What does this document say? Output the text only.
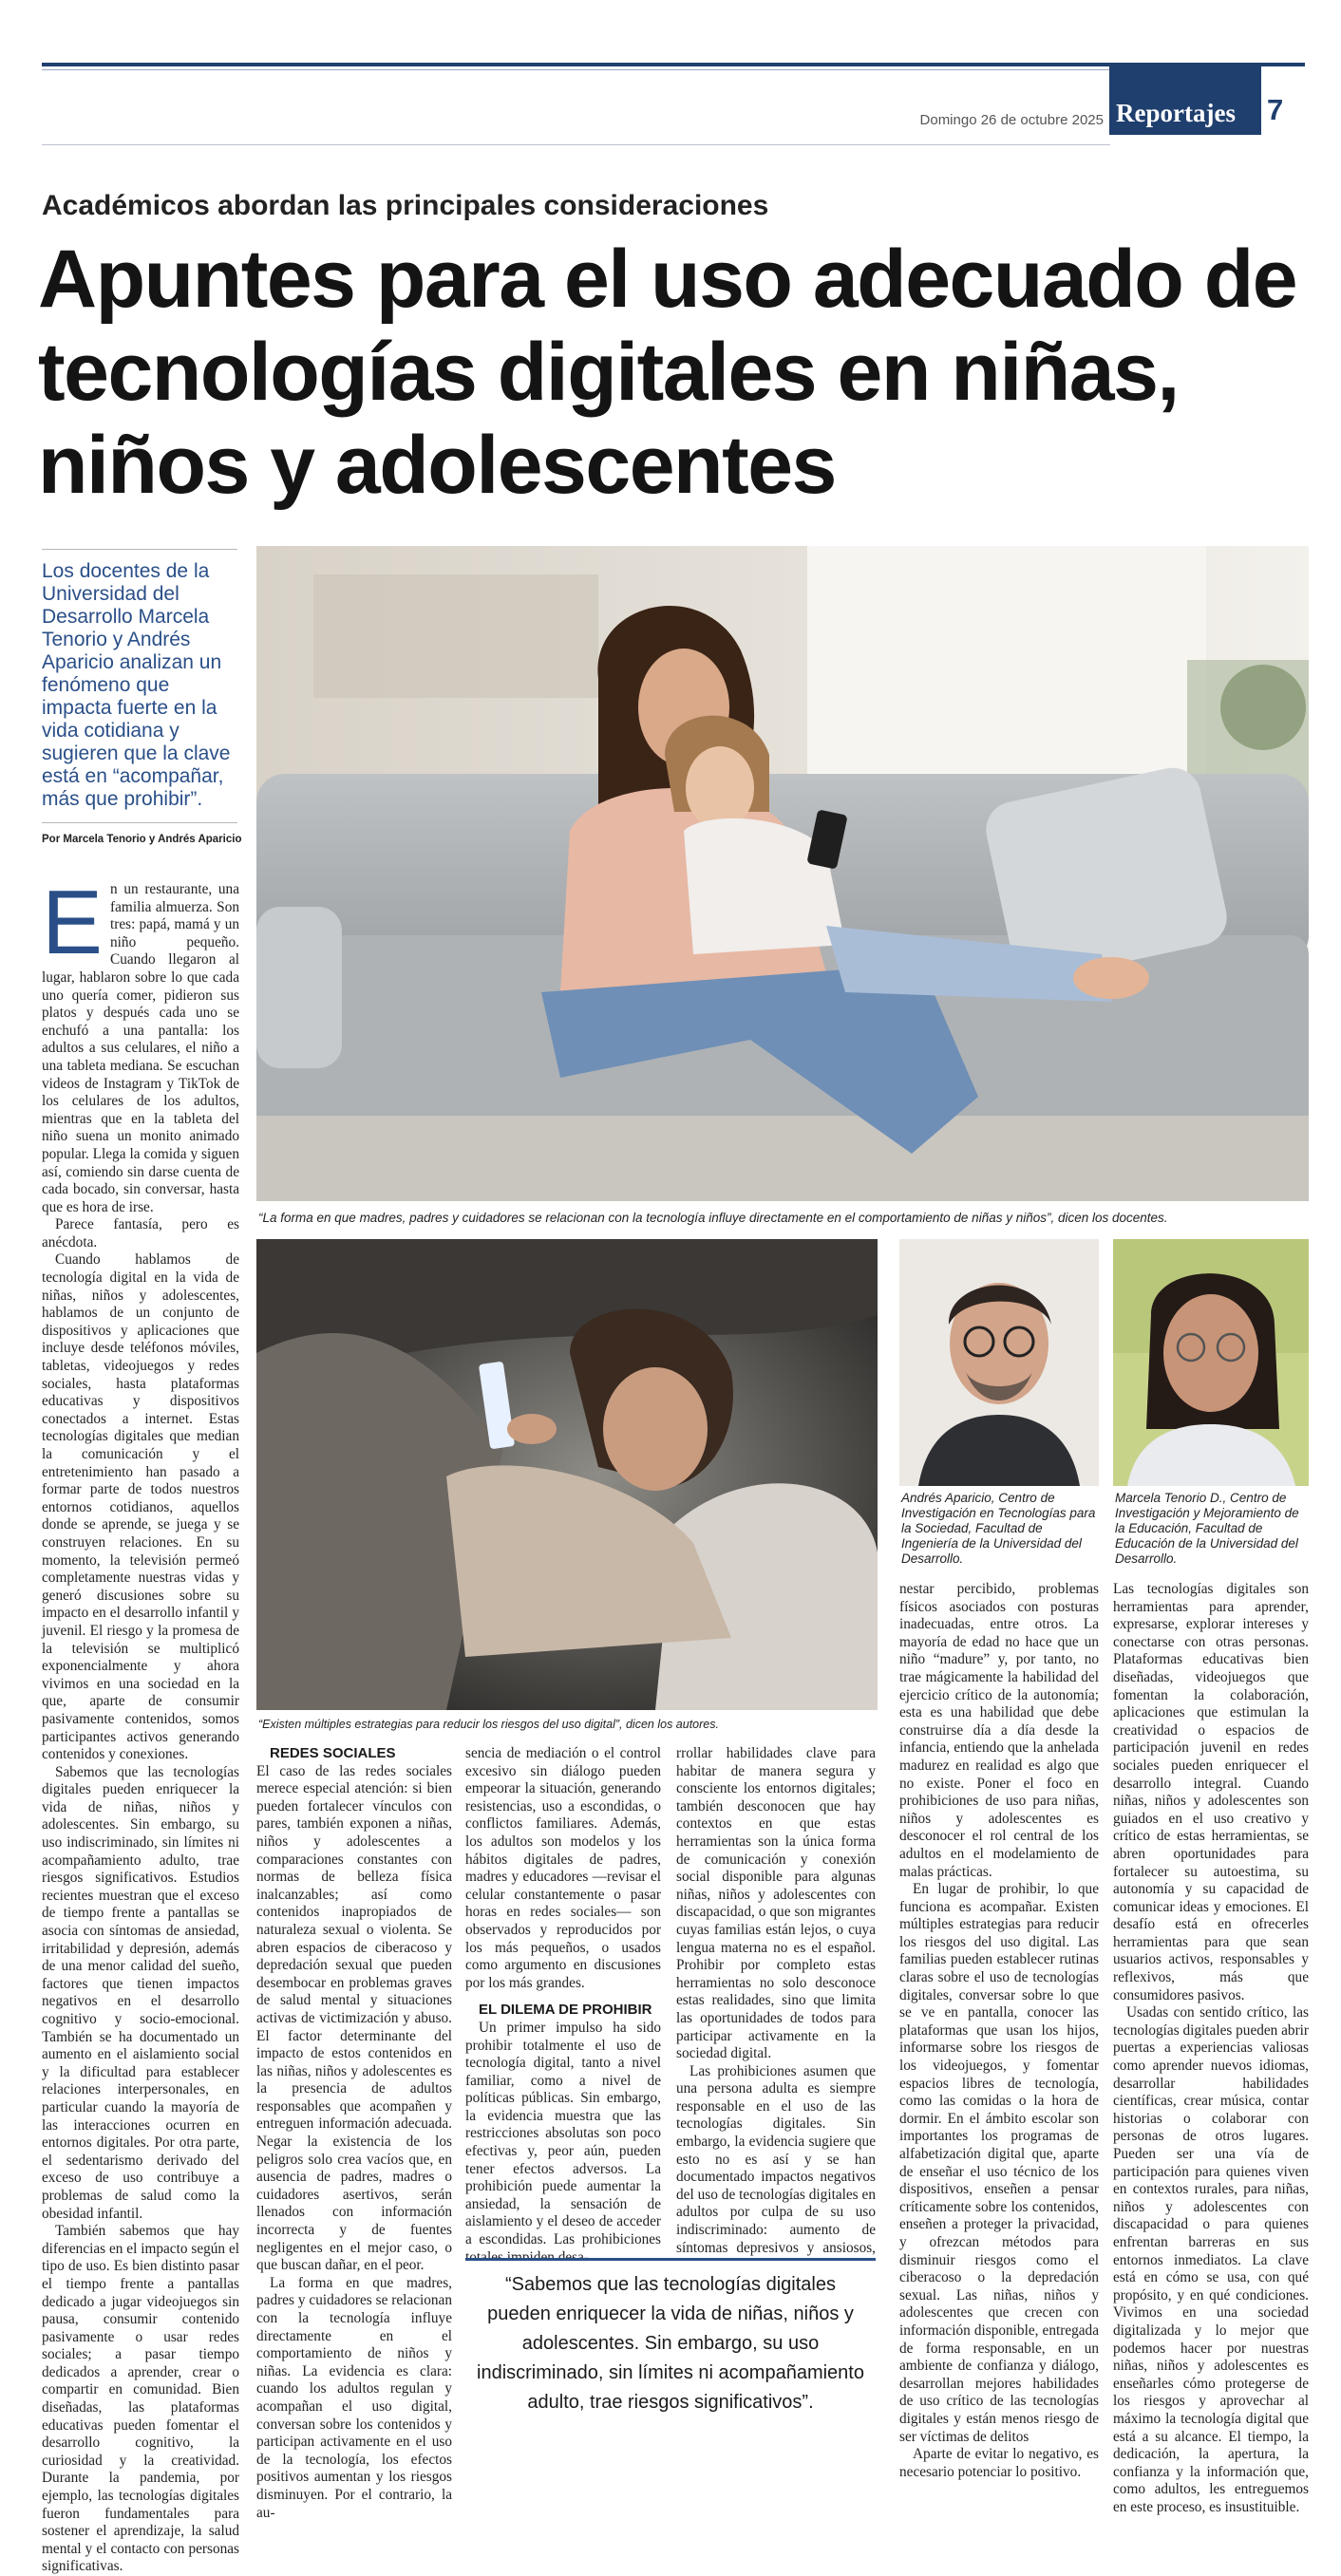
Domingo 26 de octubre 2025 Reportajes 7
Académicos abordan las principales consideraciones
Apuntes para el uso adecuado de tecnologías digitales en niñas, niños y adolescentes
Los docentes de la Universidad del Desarrollo Marcela Tenorio y Andrés Aparicio analizan un fenómeno que impacta fuerte en la vida cotidiana y sugieren que la clave está en “acompañar, más que prohibir”.
Por Marcela Tenorio y Andrés Aparicio
“La forma en que madres, padres y cuidadores se relacionan con la tecnología influye directamente en el comportamiento de niñas y niños”, dicen los docentes.
“Existen múltiples estrategias para reducir los riesgos del uso digital”, dicen los autores.
Andrés Aparicio, Centro de Investigación en Tecnologías para la Sociedad, Facultad de Ingeniería de la Universidad del Desarrollo.
Marcela Tenorio D., Centro de Investigación y Mejoramiento de la Educación, Facultad de Educación de la Universidad del Desarrollo.

En un restaurante, una familia almuerza. Son tres: papá, mamá y un niño pequeño. Cuando llegaron al lugar, hablaron sobre lo que cada uno quería comer, pidieron sus platos y después cada uno se enchufó a una pantalla: los adultos a sus celulares, el niño a una tableta mediana. Se escuchan videos de Instagram y TikTok de los celulares de los adultos, mientras que en la tableta del niño suena un monito animado popular. Llega la comida y siguen así, comiendo sin darse cuenta de cada bocado, sin conversar, hasta que es hora de irse.

Parece fantasía, pero es anécdota.

Cuando hablamos de tecnología digital en la vida de niñas, niños y adolescentes, hablamos de un conjunto de dispositivos y aplicaciones que incluye desde teléfonos móviles, tabletas, videojuegos y redes sociales, hasta plataformas educativas y dispositivos conectados a internet. Estas tecnologías digitales que median la comunicación y el entretenimiento han pasado a formar parte de todos nuestros entornos cotidianos, aquellos donde se aprende, se juega y se construyen relaciones. En su momento, la televisión permeó completamente nuestras vidas y generó discusiones sobre su impacto en el desarrollo infantil y juvenil. El riesgo y la promesa de la televisión se multiplicó exponencialmente y ahora vivimos en una sociedad en la que, aparte de consumir pasivamente contenidos, somos participantes activos generando contenidos y conexiones.

Sabemos que las tecnologías digitales pueden enriquecer la vida de niñas, niños y adolescentes. Sin embargo, su uso indiscriminado, sin límites ni acompañamiento adulto, trae riesgos significativos. Estudios recientes muestran que el exceso de tiempo frente a pantallas se asocia con síntomas de ansiedad, irritabilidad y depresión, además de una menor calidad del sueño, factores que tienen impactos negativos en el desarrollo cognitivo y socio-emocional. También se ha documentado un aumento en el aislamiento social y la dificultad para establecer relaciones interpersonales, en particular cuando la mayoría de las interacciones ocurren en entornos digitales. Por otra parte, el sedentarismo derivado del exceso de uso contribuye a problemas de salud como la obesidad infantil.

También sabemos que hay diferencias en el impacto según el tipo de uso. Es bien distinto pasar el tiempo frente a pantallas dedicado a jugar videojuegos sin pausa, consumir contenido pasivamente o usar redes sociales; a pasar tiempo dedicados a aprender, crear o compartir en comunidad. Bien diseñadas, las plataformas educativas pueden fomentar el desarrollo cognitivo, la curiosidad y la creatividad. Durante la pandemia, por ejemplo, las tecnologías digitales fueron fundamentales para sostener el aprendizaje, la salud mental y el contacto con personas significativas.

REDES SOCIALES

El caso de las redes sociales merece especial atención: si bien pueden fortalecer vínculos con pares, también exponen a niñas, niños y adolescentes a comparaciones constantes con normas de belleza física inalcanzables; así como contenidos inapropiados de naturaleza sexual o violenta. Se abren espacios de ciberacoso y depredación sexual que pueden desembocar en problemas graves de salud mental y situaciones activas de victimización y abuso. El factor determinante del impacto de estos contenidos en las niñas, niños y adolescentes es la presencia de adultos responsables que acompañen y entreguen información adecuada. Negar la existencia de los peligros solo crea vacíos que, en ausencia de padres, madres o cuidadores asertivos, serán llenados con información incorrecta y de fuentes negligentes en el mejor caso, o que buscan dañar, en el peor.

La forma en que madres, padres y cuidadores se relacionan con la tecnología influye directamente en el comportamiento de niños y niñas. La evidencia es clara: cuando los adultos regulan y acompañan el uso digital, conversan sobre los contenidos y participan activamente en el uso de la tecnología, los efectos positivos aumentan y los riesgos disminuyen. Por el contrario, la au-

sencia de mediación o el control excesivo sin diálogo pueden empeorar la situación, generando resistencias, uso a escondidas, o conflictos familiares. Además, los adultos son modelos y los hábitos digitales de padres, madres y educadores —revisar el celular constantemente o pasar horas en redes sociales— son observados y reproducidos por los más pequeños, o usados como argumento en discusiones por los más grandes.

EL DILEMA DE PROHIBIR

Un primer impulso ha sido prohibir totalmente el uso de tecnología digital, tanto a nivel familiar, como a nivel de políticas públicas. Sin embargo, la evidencia muestra que las restricciones absolutas son poco efectivas y, peor aún, pueden tener efectos adversos. La prohibición puede aumentar la ansiedad, la sensación de aislamiento y el deseo de acceder a escondidas. Las prohibiciones

rrollar habilidades clave para habitar de manera segura y consciente los entornos digitales; también desconocen que hay contextos en que estas herramientas son la única forma de comunicación y conexión social disponible para algunas niñas, niños y adolescentes con discapacidad, o que son migrantes cuyas familias están lejos, o cuya lengua materna no es el español. Prohibir por completo estas herramientas no solo desconoce estas realidades, sino que limita las oportunidades de todos para participar activamente en la sociedad digital.

Las prohibiciones asumen que una persona adulta es siempre responsable en el uso de las tecnologías digitales. Sin embargo, la evidencia sugiere que esto no es así y se han documentado impactos negativos del uso de tecnologías digitales en adultos por culpa de su uso indiscriminado: aumento de síntomas depresivos y ansiosos,

nestar percibido, problemas físicos asociados con posturas inadecuadas, entre otros. La mayoría de edad no hace que un niño “madure” y, por tanto, no trae mágicamente la habilidad del ejercicio crítico de la autonomía; esta es una habilidad que debe construirse día a día desde la infancia, entiendo que la anhelada madurez en realidad es algo que no existe. Poner el foco en prohibiciones de uso para niñas, niños y adolescentes es desconocer el rol central de los adultos en el modelamiento de malas prácticas.

En lugar de prohibir, lo que funciona es acompañar. Existen múltiples estrategias para reducir los riesgos del uso digital. Las familias pueden establecer rutinas claras sobre el uso de tecnologías digitales, conversar sobre lo que se ve en pantalla, conocer las plataformas que usan los hijos, informarse sobre los riesgos de los videojuegos, y fomentar espacios libres de tecnología, como las comidas o la hora de dormir. En el ámbito escolar son importantes los programas de alfabetización digital que, aparte de enseñar el uso técnico de los dispositivos, enseñen a pensar críticamente sobre los contenidos, enseñen a proteger la privacidad, y ofrezcan métodos para disminuir riesgos como el ciberacoso o la depredación sexual. Las niñas, niños y adolescentes que crecen con información disponible, entregada de forma responsable, en un ambiente de confianza y diálogo, desarrollan mejores habilidades de uso crítico de las tecnologías digitales y están menos riesgo de ser víctimas de delitos

Aparte de evitar lo negativo, es necesario potenciar lo positivo.

Las tecnologías digitales son herramientas para aprender, expresarse, explorar intereses y conectarse con otras personas. Plataformas educativas bien diseñadas, videojuegos que fomentan la colaboración, aplicaciones que estimulan la creatividad o espacios de participación juvenil en redes sociales pueden enriquecer el desarrollo integral. Cuando niñas, niños y adolescentes son guiados en el uso creativo y crítico de estas herramientas, se abren oportunidades para fortalecer su autoestima, su autonomía y su capacidad de comunicar ideas y emociones. El desafío está en ofrecerles herramientas para que sean usuarios activos, responsables y reflexivos, más que consumidores pasivos.

Usadas con sentido crítico, las tecnologías digitales pueden abrir puertas a experiencias valiosas como aprender nuevos idiomas, desarrollar habilidades científicas, crear música, contar historias o colaborar con personas de otros lugares. Pueden ser una vía de participación para quienes viven en contextos rurales, para niñas, niños y adolescentes con discapacidad o para quienes enfrentan barreras en sus entornos inmediatos. La clave está en cómo se usa, con qué propósito, y en qué condiciones. Vivimos en una sociedad digitalizada y lo mejor que podemos hacer por nuestras niñas, niños y adolescentes es enseñarles cómo protegerse de los riesgos y aprovechar al máximo la tecnología digital que está a su alcance. El tiempo, la dedicación, la apertura, la confianza y la información que, como adultos, les entreguemos en este proceso, es insustituible.

“Sabemos que las tecnologías digitales pueden enriquecer la vida de niñas, niños y adolescentes. Sin embargo, su uso indiscriminado, sin límites ni acompañamiento adulto, trae riesgos significativos”.
